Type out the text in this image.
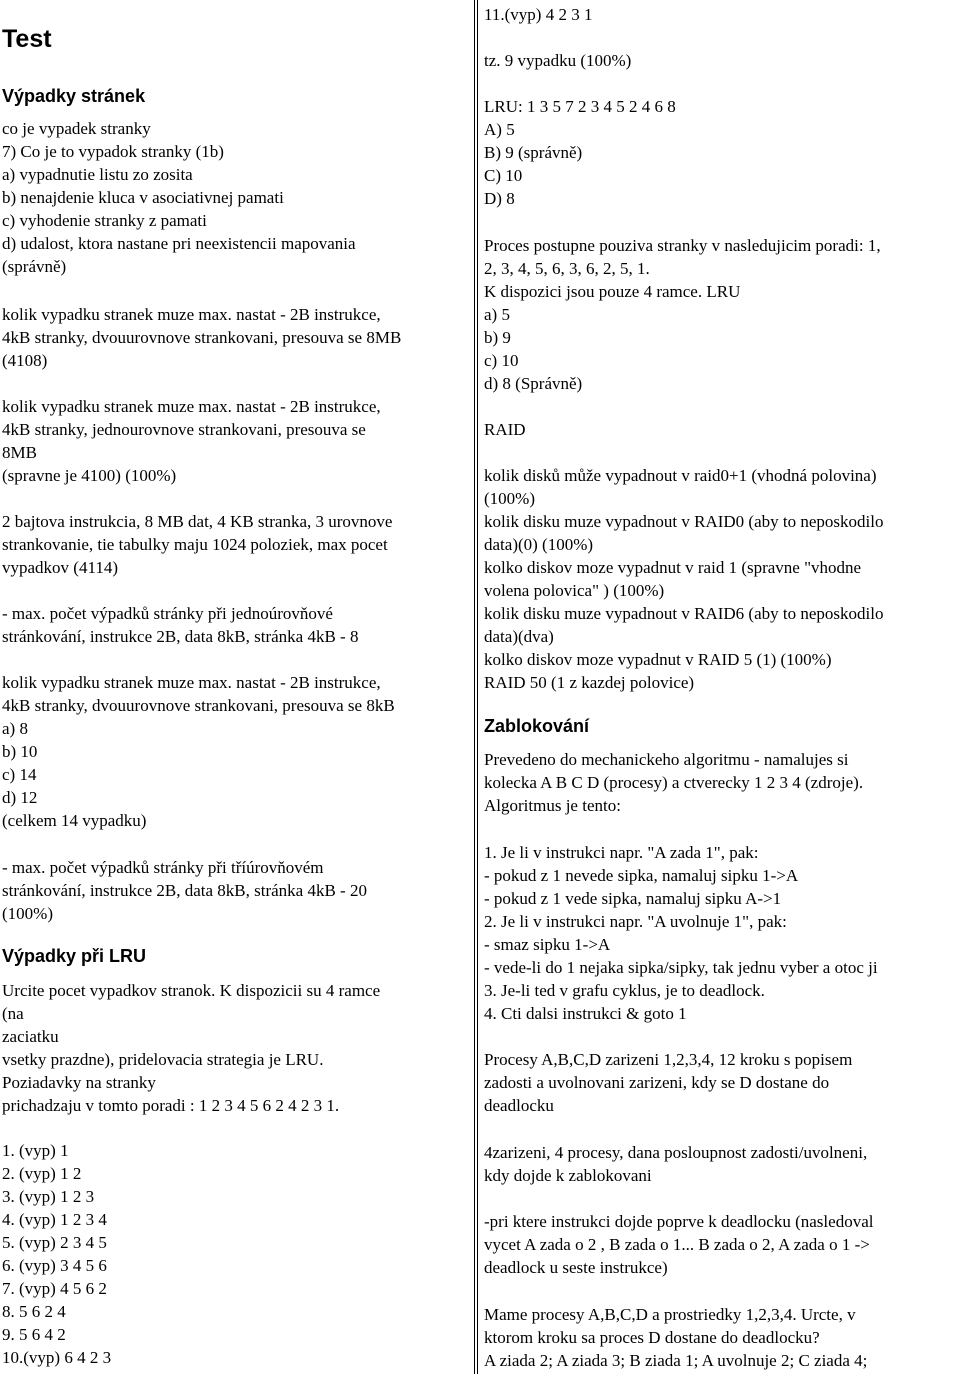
Test
Výpadky stránek
co je vypadek stranky
7) Co je to vypadok stranky (1b)
a) vypadnutie listu zo zosita
b) nenajdenie kluca v asociativnej pamati
c) vyhodenie stranky z pamati
d) udalost, ktora nastane pri neexistencii mapovania
(správně)
kolik vypadku stranek muze max. nastat - 2B instrukce,
4kB stranky, dvouurovnove strankovani, presouva se 8MB
(4108)
kolik vypadku stranek muze max. nastat - 2B instrukce,
4kB stranky, jednourovnove strankovani, presouva se
8MB
(spravne je 4100) (100%)
2 bajtova instrukcia, 8 MB dat, 4 KB stranka, 3 urovnove
strankovanie, tie tabulky maju 1024 poloziek, max pocet
vypadkov (4114)
- max. počet výpadků stránky při jednoúrovňové
stránkování, instrukce 2B, data 8kB, stránka 4kB - 8
kolik vypadku stranek muze max. nastat - 2B instrukce,
4kB stranky, dvouurovnove strankovani, presouva se 8kB
a) 8
b) 10
c) 14
d) 12
(celkem 14 vypadku)
- max. počet výpadků stránky při tříúrovňovém
stránkování, instrukce 2B, data 8kB, stránka 4kB - 20
(100%)
Výpadky při LRU
Urcite pocet vypadkov stranok. K dispozicii su 4 ramce
(na
zaciatku
vsetky prazdne), pridelovacia strategia je LRU.
Poziadavky na stranky
prichadzaju v tomto poradi : 1 2 3 4 5 6 2 4 2 3 1.
1. (vyp) 1
2. (vyp) 1 2
3. (vyp) 1 2 3
4. (vyp) 1 2 3 4
5. (vyp) 2 3 4 5
6. (vyp) 3 4 5 6
7. (vyp) 4 5 6 2
8. 5 6 2 4
9. 5 6 4 2
10.(vyp) 6 4 2 3
11.(vyp) 4 2 3 1
tz. 9 vypadku (100%)
LRU: 1 3 5 7 2 3 4 5 2 4 6 8
A) 5
B) 9 (správně)
C) 10
D) 8
Proces postupne pouziva stranky v nasledujicim poradi: 1,
2, 3, 4, 5, 6, 3, 6, 2, 5, 1.
K dispozici jsou pouze 4 ramce. LRU
a) 5
b) 9
c) 10
d) 8 (Správně)
RAID
kolik disků může vypadnout v raid0+1 (vhodná polovina)
(100%)
kolik disku muze vypadnout v RAID0 (aby to neposkodilo
data)(0) (100%)
kolko diskov moze vypadnut v raid 1 (spravne "vhodne
volena polovica" ) (100%)
kolik disku muze vypadnout v RAID6 (aby to neposkodilo
data)(dva)
kolko diskov moze vypadnut v RAID 5 (1) (100%)
RAID 50 (1 z kazdej polovice)
Zablokování
Prevedeno do mechanickeho algoritmu - namalujes si
kolecka A B C D (procesy) a ctverecky 1 2 3 4 (zdroje).
Algoritmus je tento:
1. Je li v instrukci napr. "A zada 1", pak:
- pokud z 1 nevede sipka, namaluj sipku 1->A
- pokud z 1 vede sipka, namaluj sipku A->1
2. Je li v instrukci napr. "A uvolnuje 1", pak:
- smaz sipku 1->A
- vede-li do 1 nejaka sipka/sipky, tak jednu vyber a otoc ji
3. Je-li ted v grafu cyklus, je to deadlock.
4. Cti dalsi instrukci & goto 1
Procesy A,B,C,D zarizeni 1,2,3,4, 12 kroku s popisem
zadosti a uvolnovani zarizeni, kdy se D dostane do
deadlocku
4zarizeni, 4 procesy, dana posloupnost zadosti/uvolneni,
kdy dojde k zablokovani
-pri ktere instrukci dojde poprve k deadlocku (nasledoval
vycet A zada o 2 , B zada o 1... B zada o 2, A zada o 1 ->
deadlock u seste instrukce)
Mame procesy A,B,C,D a prostriedky 1,2,3,4. Urcte, v
ktorom kroku sa proces D dostane do deadlocku?
A ziada 2; A ziada 3; B ziada 1; A uvolnuje 2; C ziada 4;
